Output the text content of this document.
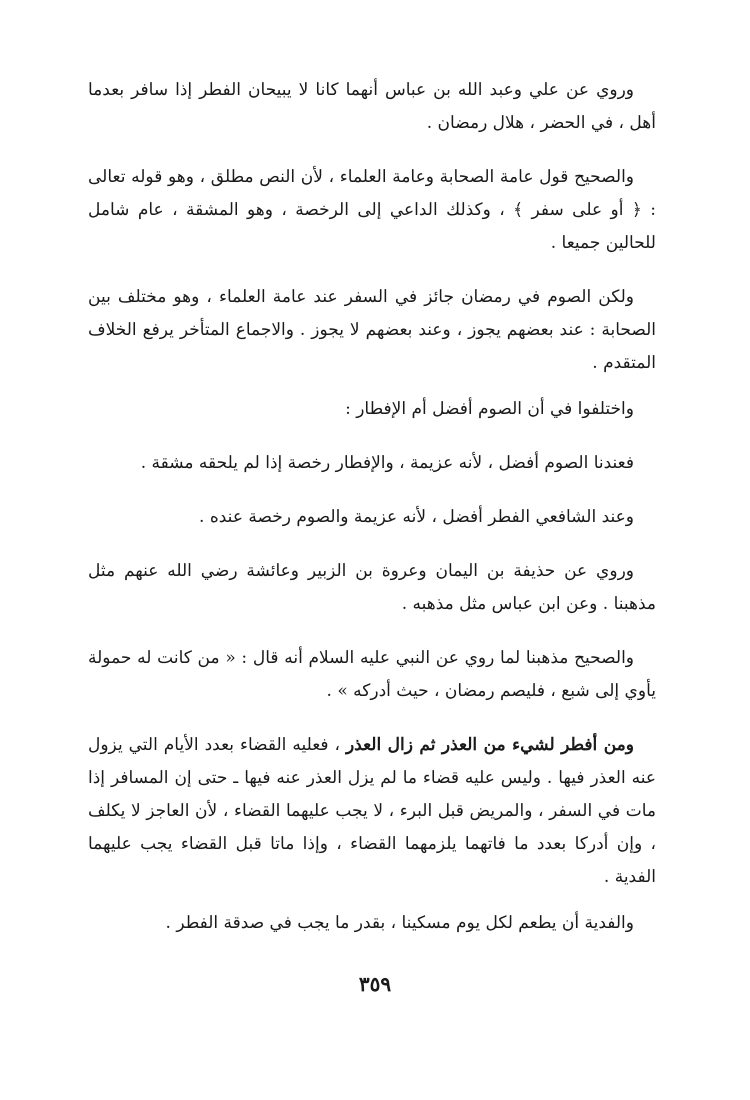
وروي عن علي وعبد الله بن عباس أنهما كانا لا يبيحان الفطر إذا سافر بعدما أهل ، في الحضر ، هلال رمضان .

والصحيح قول عامة الصحابة وعامة العلماء ، لأن النص مطلق ، وهو قوله تعالى : ﴿ أو على سفر ﴾ ، وكذلك الداعي إلى الرخصة ، وهو المشقة ، عام شامل للحالين جميعا .

ولكن الصوم في رمضان جائز في السفر عند عامة العلماء ، وهو مختلف بين الصحابة : عند بعضهم يجوز ، وعند بعضهم لا يجوز . والاجماع المتأخر يرفع الخلاف المتقدم .

واختلفوا في أن الصوم أفضل أم الإفطار :

فعندنا الصوم أفضل ، لأنه عزيمة ، والإفطار رخصة إذا لم يلحقه مشقة .

وعند الشافعي الفطر أفضل ، لأنه عزيمة والصوم رخصة عنده .

وروي عن حذيفة بن اليمان وعروة بن الزبير وعائشة رضي الله عنهم مثل مذهبنا . وعن ابن عباس مثل مذهبه .

والصحيح مذهبنا لما روي عن النبي عليه السلام أنه قال : « من كانت له حمولة يأوي إلى شبع ، فليصم رمضان ، حيث أدركه » .

ومن أفطر لشيء من العذر ثم زال العذر ، فعليه القضاء بعدد الأيام التي يزول عنه العذر فيها . وليس عليه قضاء ما لم يزل العذر عنه فيها ـ حتى إن المسافر إذا مات في السفر ، والمريض قبل البرء ، لا يجب عليهما القضاء ، لأن العاجز لا يكلف ، وإن أدركا بعدد ما فاتهما يلزمهما القضاء ، وإذا ماتا قبل القضاء يجب عليهما الفدية .

والفدية أن يطعم لكل يوم مسكينا ، بقدر ما يجب في صدقة الفطر .

٣٥٩
